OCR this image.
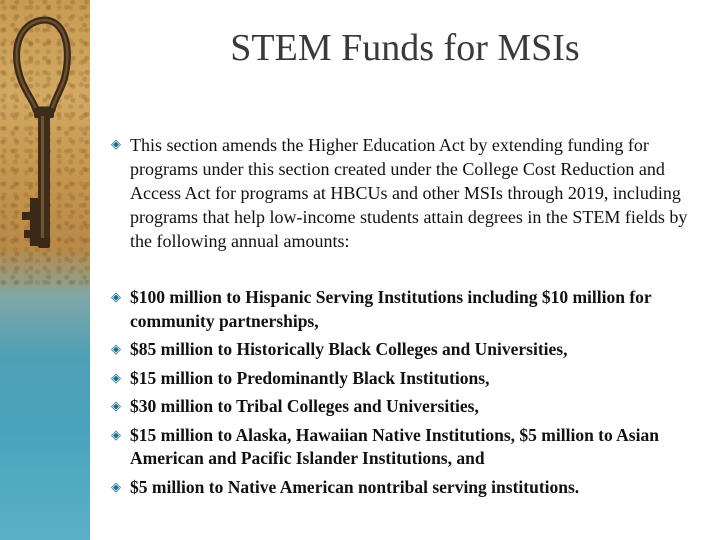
STEM Funds for MSIs
◈ This section amends the Higher Education Act by extending funding for programs under this section created under the College Cost Reduction and Access Act for programs at HBCUs and other MSIs through 2019, including programs that help low-income students attain degrees in the STEM fields by the following annual amounts:
◈ $100 million to Hispanic Serving Institutions including $10 million for community partnerships,
◈ $85 million to Historically Black Colleges and Universities,
◈ $15 million to Predominantly Black Institutions,
◈ $30 million to Tribal Colleges and Universities,
◈ $15 million to Alaska, Hawaiian Native Institutions, $5 million to Asian American and Pacific Islander Institutions, and
◈ $5 million to Native American nontribal serving institutions.
